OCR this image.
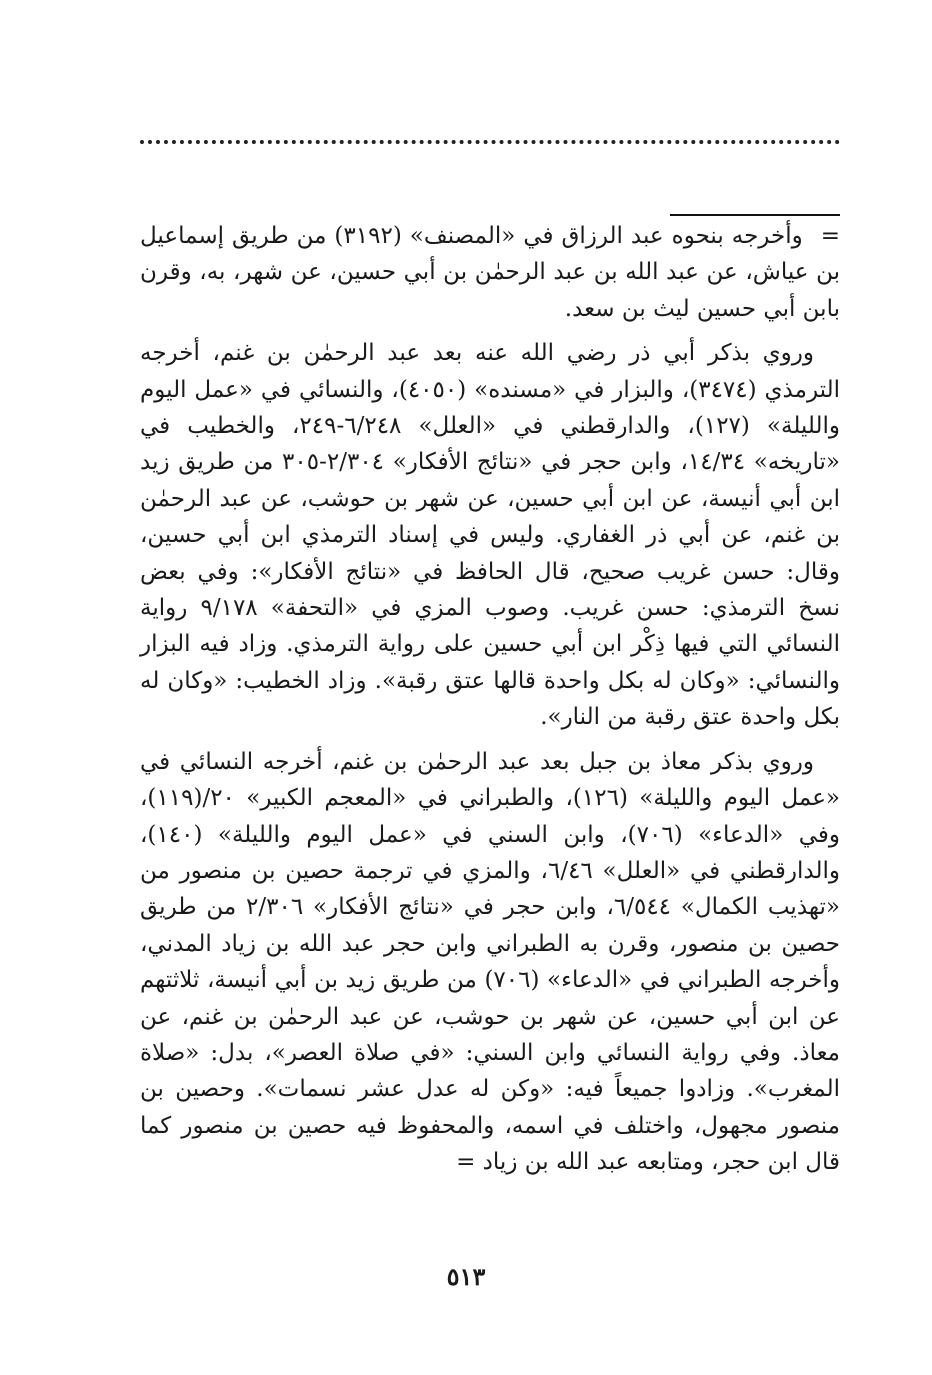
=وأخرجه بنحوه عبد الرزاق في «المصنف» (٣١٩٢) من طريق إسماعيل بن عياش، عن عبد الله بن عبد الرحمٰن بن أبي حسين، عن شهر، به، وقرن بابن أبي حسين ليث بن سعد.

وروي بذكر أبي ذر رضي الله عنه بعد عبد الرحمٰن بن غنم، أخرجه الترمذي (٣٤٧٤)، والبزار في «مسنده» (٤٠٥٠)، والنسائي في «عمل اليوم والليلة» (١٢٧)، والدارقطني في «العلل» ٦/٢٤٨-٢٤٩، والخطيب في «تاريخه» ١٤/٣٤، وابن حجر في «نتائج الأفكار» ٢/٣٠٤-٣٠٥ من طريق زيد ابن أبي أنيسة، عن ابن أبي حسين، عن شهر بن حوشب، عن عبد الرحمٰن بن غنم، عن أبي ذر الغفاري. وليس في إسناد الترمذي ابن أبي حسين، وقال: حسن غريب صحيح، قال الحافظ في «نتائج الأفكار»: وفي بعض نسخ الترمذي: حسن غريب. وصوب المزي في «التحفة» ٩/١٧٨ رواية النسائي التي فيها ذِكْر ابن أبي حسين على رواية الترمذي. وزاد فيه البزار والنسائي: «وكان له بكل واحدة قالها عتق رقبة». وزاد الخطيب: «وكان له بكل واحدة عتق رقبة من النار».

وروي بذكر معاذ بن جبل بعد عبد الرحمٰن بن غنم، أخرجه النسائي في «عمل اليوم والليلة» (١٢٦)، والطبراني في «المعجم الكبير» ٢٠/(١١٩)، وفي «الدعاء» (٧٠٦)، وابن السني في «عمل اليوم والليلة» (١٤٠)، والدارقطني في «العلل» ٦/٤٦، والمزي في ترجمة حصين بن منصور من «تهذيب الكمال» ٦/٥٤٤، وابن حجر في «نتائج الأفكار» ٢/٣٠٦ من طريق حصين بن منصور، وقرن به الطبراني وابن حجر عبد الله بن زياد المدني، وأخرجه الطبراني في «الدعاء» (٧٠٦) من طريق زيد بن أبي أنيسة، ثلاثتهم عن ابن أبي حسين، عن شهر بن حوشب، عن عبد الرحمٰن بن غنم، عن معاذ. وفي رواية النسائي وابن السني: «في صلاة العصر»، بدل: «صلاة المغرب». وزادوا جميعاً فيه: «وكن له عدل عشر نسمات». وحصين بن منصور مجهول، واختلف في اسمه، والمحفوظ فيه حصين بن منصور كما قال ابن حجر، ومتابعه عبد الله بن زياد =

٥١٣
